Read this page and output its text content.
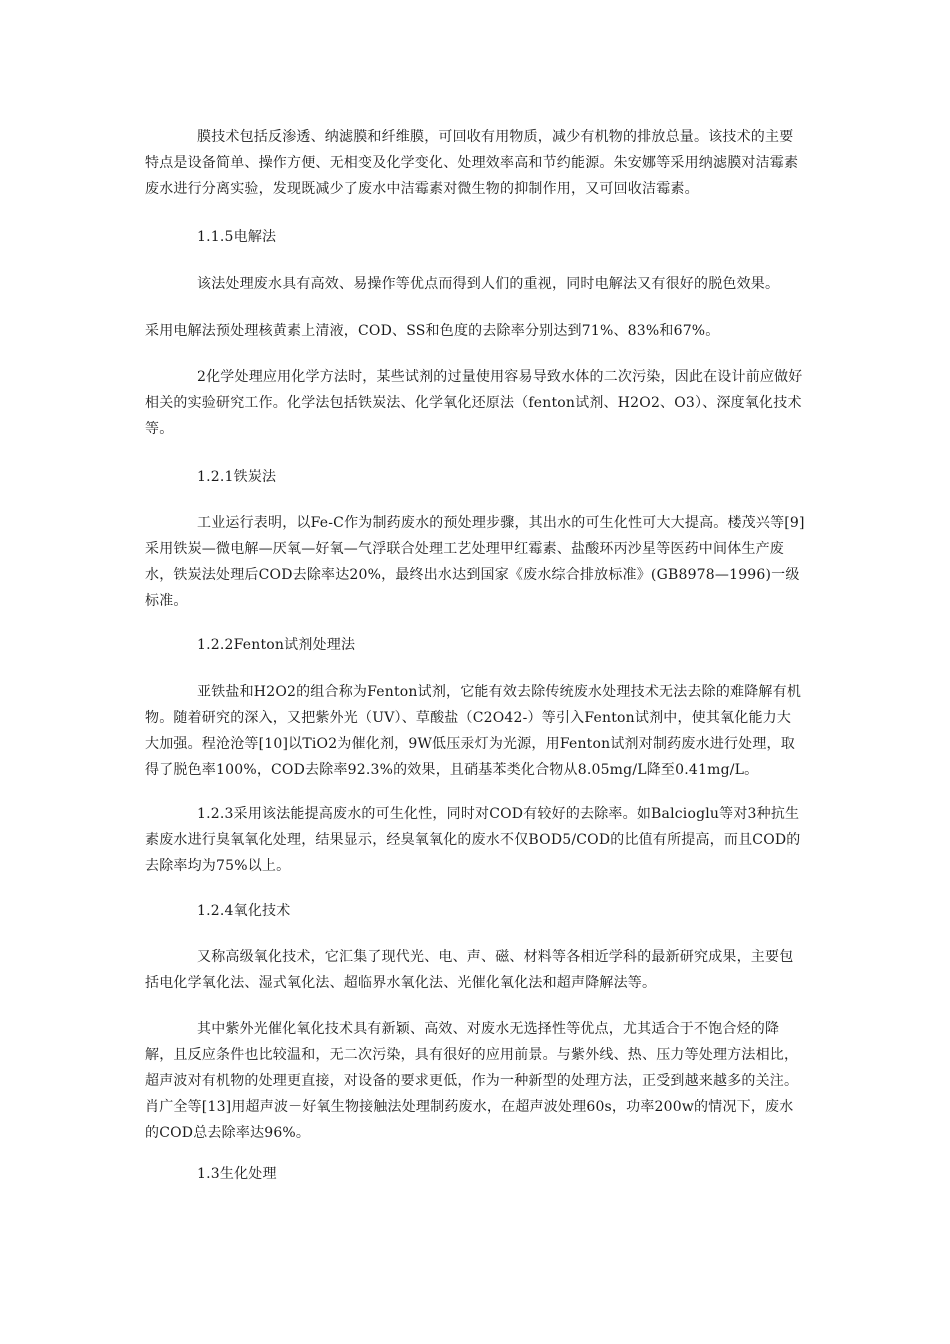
膜技术包括反渗透、纳滤膜和纤维膜，可回收有用物质，减少有机物的排放总量。该技术的主要特点是设备简单、操作方便、无相变及化学变化、处理效率高和节约能源。朱安娜等采用纳滤膜对洁霉素废水进行分离实验，发现既减少了废水中洁霉素对微生物的抑制作用，又可回收洁霉素。

1.1.5电解法

该法处理废水具有高效、易操作等优点而得到人们的重视，同时电解法又有很好的脱色效果。

采用电解法预处理核黄素上清液，COD、SS和色度的去除率分别达到71%、83%和67%。

2化学处理应用化学方法时，某些试剂的过量使用容易导致水体的二次污染，因此在设计前应做好相关的实验研究工作。化学法包括铁炭法、化学氧化还原法（fenton试剂、H2O2、O3）、深度氧化技术等。

1.2.1铁炭法

工业运行表明，以Fe-C作为制药废水的预处理步骤，其出水的可生化性可大大提高。楼茂兴等[9]采用铁炭—微电解—厌氧—好氧—气浮联合处理工艺处理甲红霉素、盐酸环丙沙星等医药中间体生产废水，铁炭法处理后COD去除率达20%，最终出水达到国家《废水综合排放标准》(GB8978—1996)一级标准。

1.2.2Fenton试剂处理法

亚铁盐和H2O2的组合称为Fenton试剂，它能有效去除传统废水处理技术无法去除的难降解有机物。随着研究的深入，又把紫外光（UV）、草酸盐（C2O42-）等引入Fenton试剂中，使其氧化能力大大加强。程沧沧等[10]以TiO2为催化剂，9W低压汞灯为光源，用Fenton试剂对制药废水进行处理，取得了脱色率100%，COD去除率92.3%的效果，且硝基苯类化合物从8.05mg/L降至0.41mg/L。

1.2.3采用该法能提高废水的可生化性，同时对COD有较好的去除率。如Balcioglu等对3种抗生素废水进行臭氧氧化处理，结果显示，经臭氧氧化的废水不仅BOD5/COD的比值有所提高，而且COD的去除率均为75%以上。

1.2.4氧化技术

又称高级氧化技术，它汇集了现代光、电、声、磁、材料等各相近学科的最新研究成果，主要包括电化学氧化法、湿式氧化法、超临界水氧化法、光催化氧化法和超声降解法等。

其中紫外光催化氧化技术具有新颖、高效、对废水无选择性等优点，尤其适合于不饱合烃的降解，且反应条件也比较温和，无二次污染，具有很好的应用前景。与紫外线、热、压力等处理方法相比，超声波对有机物的处理更直接，对设备的要求更低，作为一种新型的处理方法，正受到越来越多的关注。肖广全等[13]用超声波－好氧生物接触法处理制药废水，在超声波处理60s，功率200w的情况下，废水的COD总去除率达96%。

1.3生化处理
